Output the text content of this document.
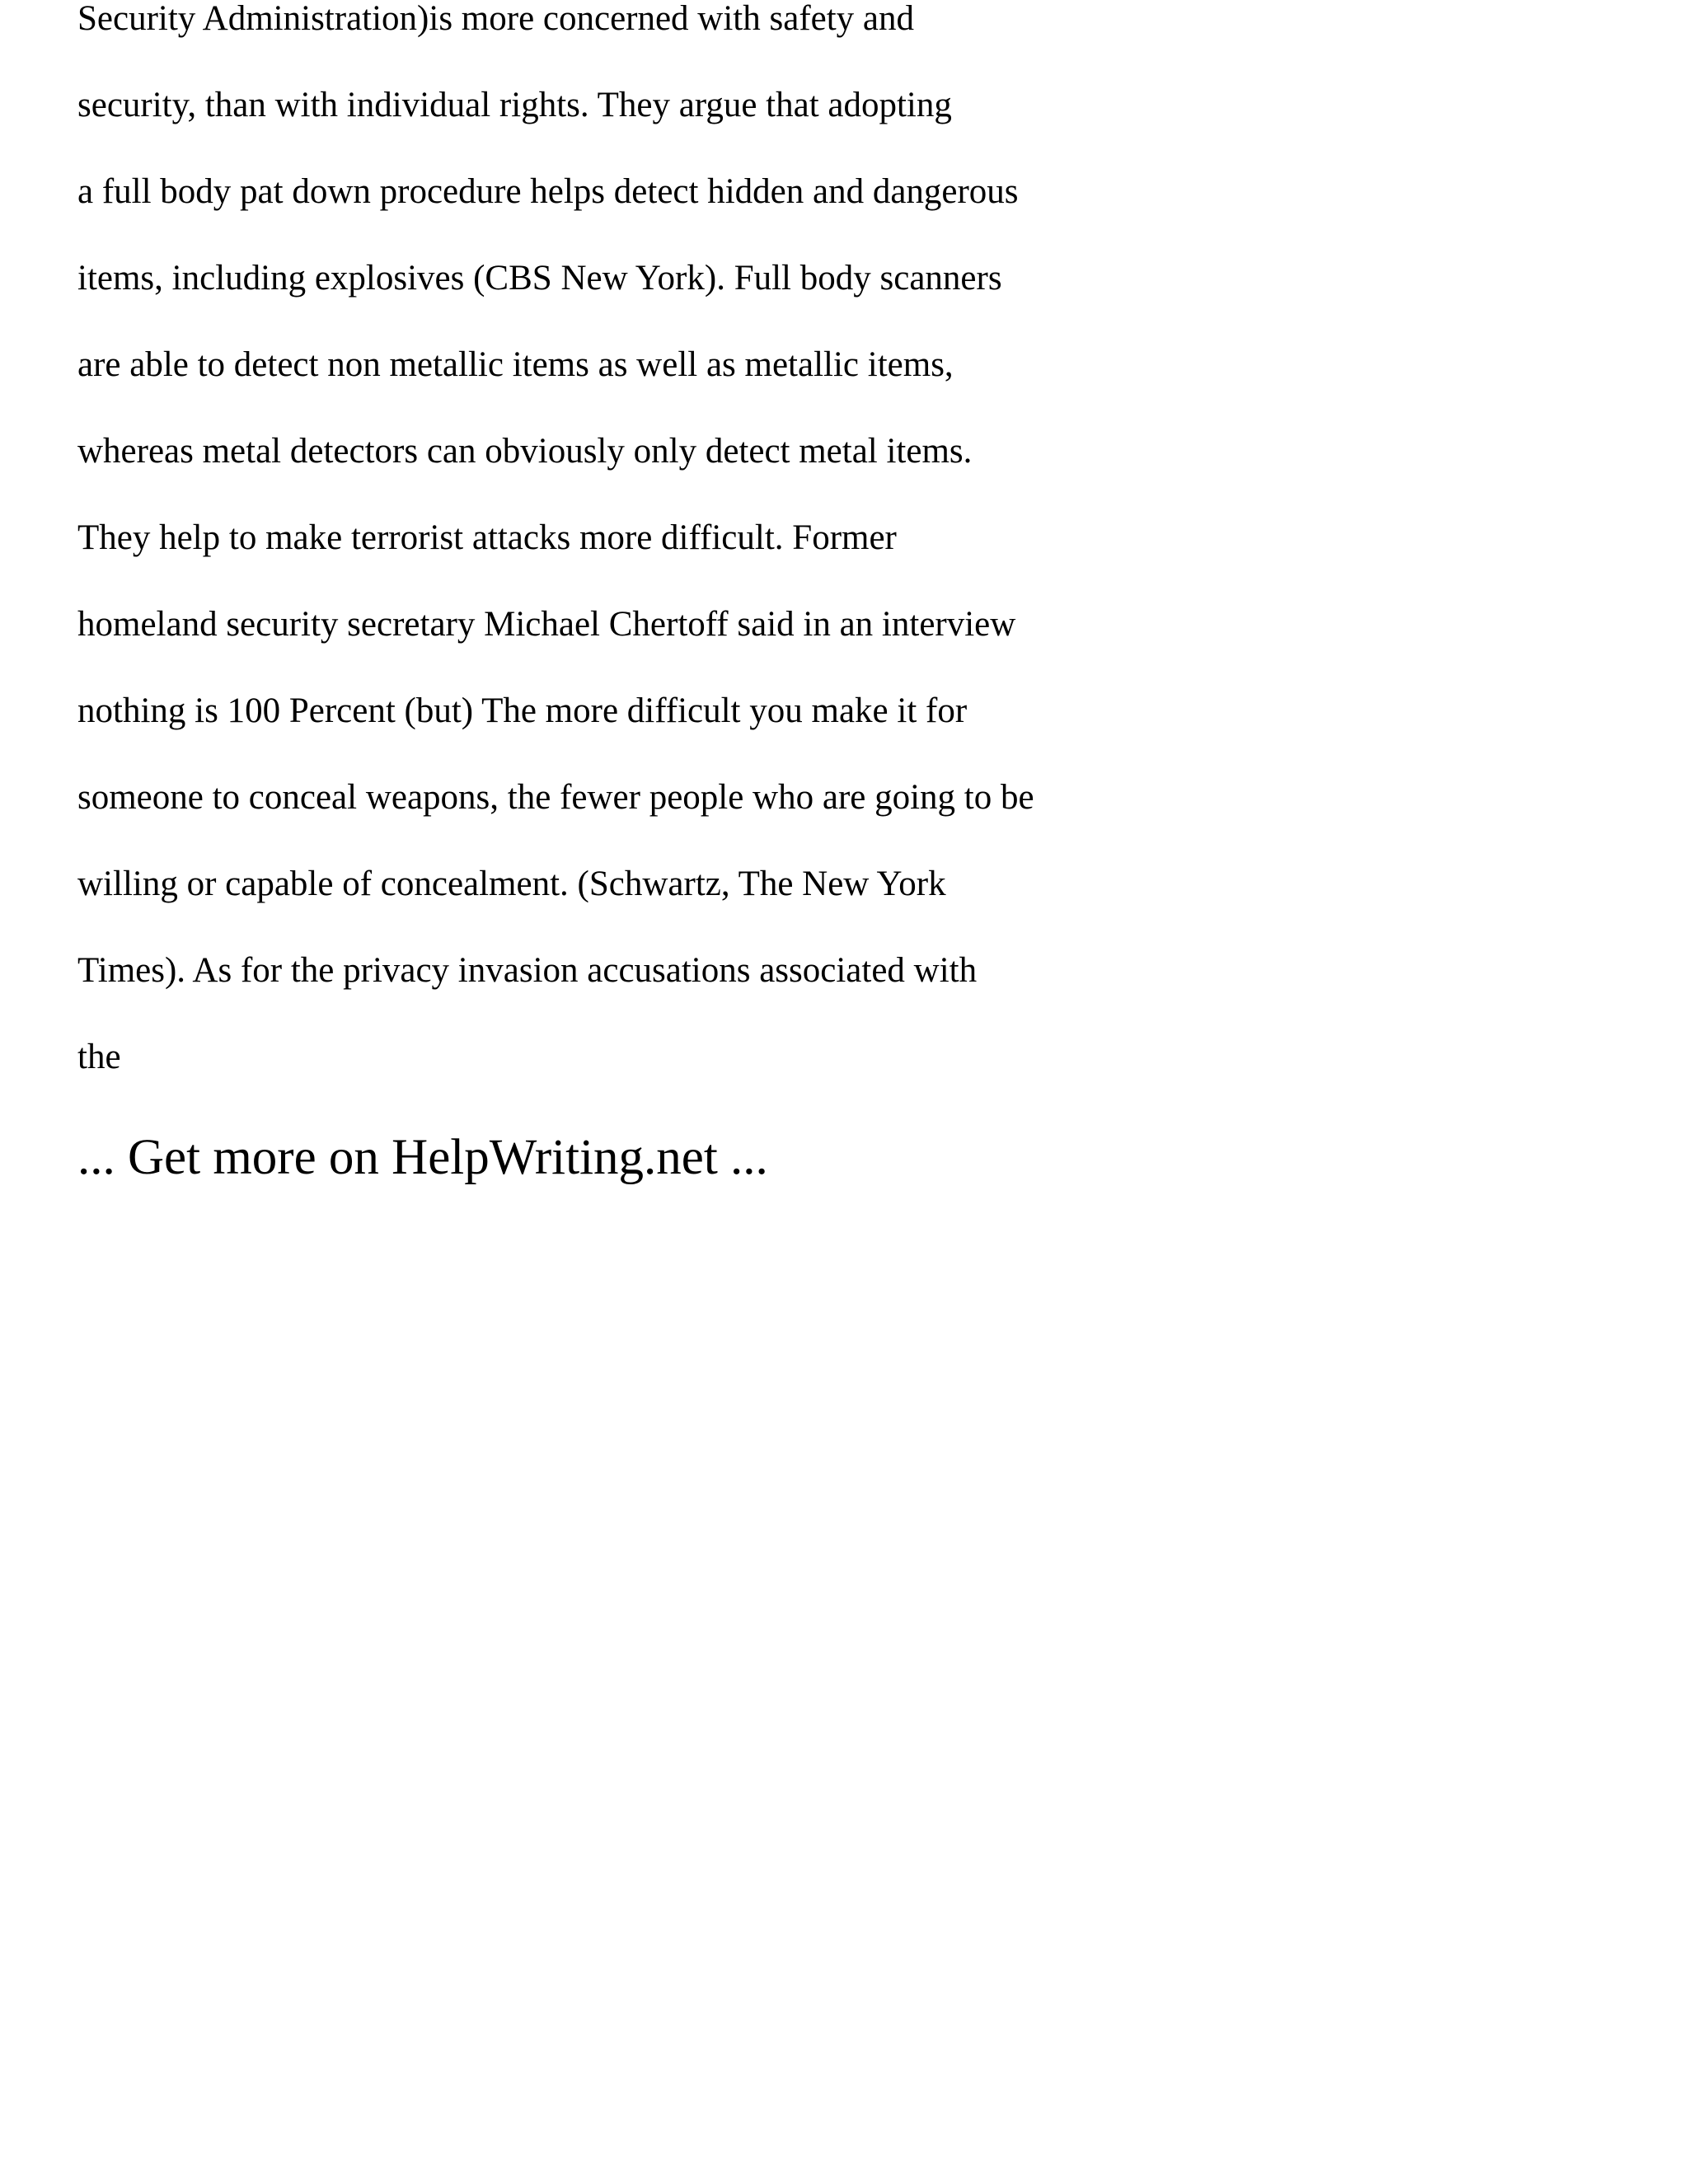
Security Administration)is more concerned with safety and
security, than with individual rights. They argue that adopting
a full body pat down procedure helps detect hidden and dangerous
items, including explosives (CBS New York). Full body scanners
are able to detect non metallic items as well as metallic items,
whereas metal detectors can obviously only detect metal items.
They help to make terrorist attacks more difficult. Former
homeland security secretary Michael Chertoff said in an interview
nothing is 100 Percent (but) The more difficult you make it for
someone to conceal weapons, the fewer people who are going to be
willing or capable of concealment. (Schwartz, The New York
Times). As for the privacy invasion accusations associated with
the

... Get more on HelpWriting.net ...
